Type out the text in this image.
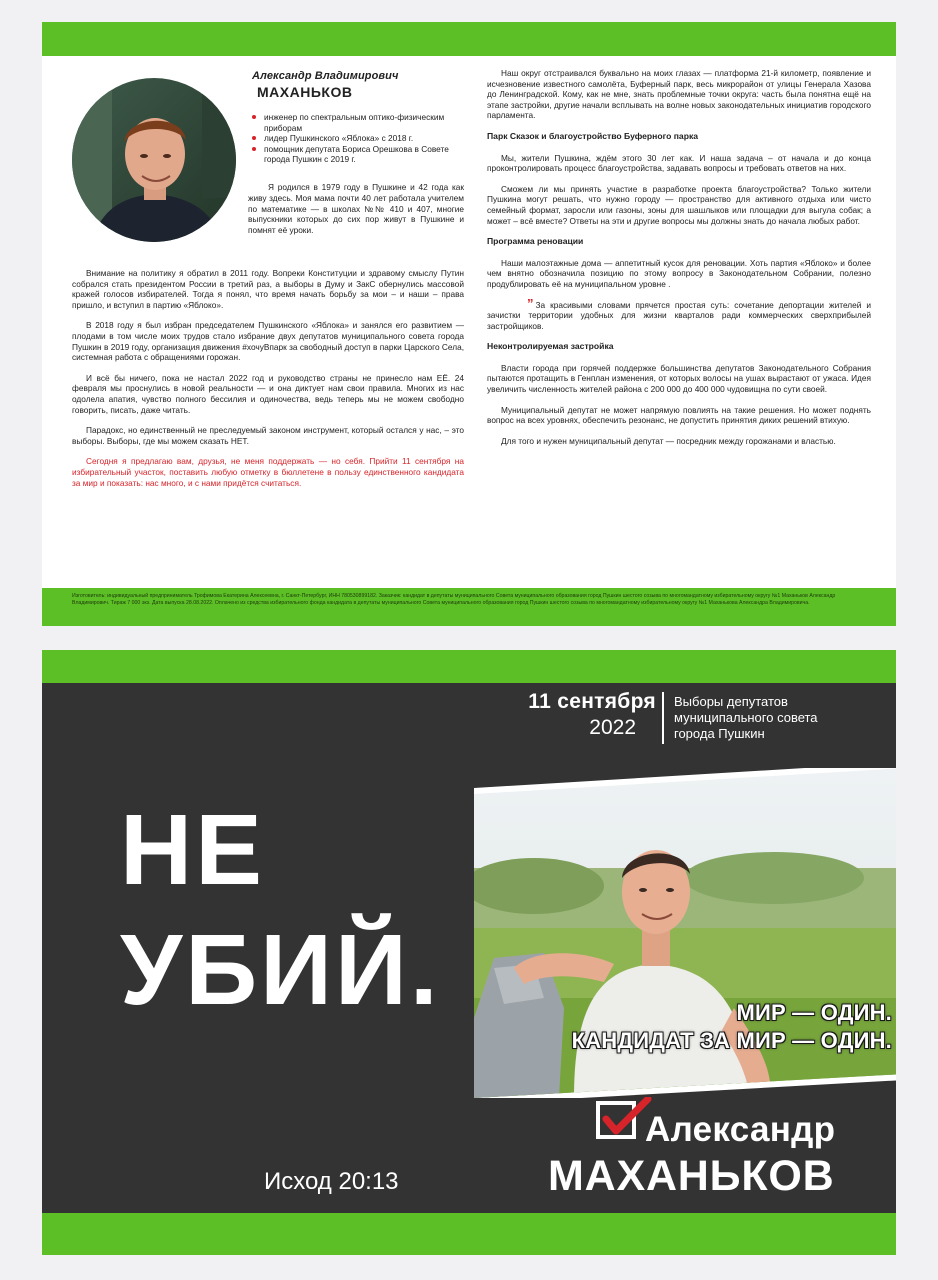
Александр Владимирович
МАХАНЬКОВ
инженер по спектральным оптико-физическим приборам
лидер Пушкинского «Яблока» с 2018 г.
помощник депутата Бориса Орешкова в Совете города Пушкин с 2019 г.

Я родился в 1979 году в Пушкине и 42 года как живу здесь. Моя мама почти 40 лет работала учителем по математике — в школах №№ 410 и 407, многие выпускники которых до сих пор живут в Пушкине и помнят её уроки.

Внимание на политику я обратил в 2011 году. Вопреки Конституции и здравому смыслу Путин собрался стать президентом России в третий раз, а выборы в Думу и ЗакС обернулись массовой кражей голосов избирателей. Тогда я понял, что время начать борьбу за мои – и наши – права пришло, и вступил в партию «Яблоко».

В 2018 году я был избран председателем Пушкинского «Яблока» и занялся его развитием — плодами в том числе моих трудов стало избрание двух депутатов муниципального совета города Пушкин в 2019 году, организация движения #хочуВпарк за свободный доступ в парки Царского Села, системная работа с обращениями горожан.

И всё бы ничего, пока не настал 2022 год и руководство страны не принесло нам ЕЁ. 24 февраля мы проснулись в новой реальности — и она диктует нам свои правила. Многих из нас одолела апатия, чувство полного бессилия и одиночества, ведь теперь мы не можем свободно говорить, писать, даже читать.

Парадокс, но единственный не преследуемый законом инструмент, который остался у нас, – это выборы. Выборы, где мы можем сказать НЕТ.

Сегодня я предлагаю вам, друзья, не меня поддержать — но себя. Прийти 11 сентября на избирательный участок, поставить любую отметку в бюллетене в пользу единственного кандидата за мир и показать: нас много, и с нами придётся считаться.

Наш округ отстраивался буквально на моих глазах — платформа 21-й километр, появление и исчезновение известного самолёта, Буферный парк, весь микрорайон от улицы Генерала Хазова до Ленинградской. Кому, как не мне, знать проблемные точки округа: часть была понятна ещё на этапе застройки, другие начали всплывать на волне новых законодательных инициатив городского парламента.

Парк Сказок и благоустройство Буферного парка

Мы, жители Пушкина, ждём этого 30 лет как. И наша задача – от начала и до конца проконтролировать процесс благоустройства, задавать вопросы и требовать ответов на них.

Сможем ли мы принять участие в разработке проекта благоустройства? Только жители Пушкина могут решать, что нужно городу — пространство для активного отдыха или чисто семейный формат, заросли или газоны, зоны для шашлыков или площадки для выгула собак; а может – всё вместе? Ответы на эти и другие вопросы мы должны знать до начала любых работ.

Программа реновации

Наши малоэтажные дома — аппетитный кусок для реновации. Хоть партия «Яблоко» и более чем внятно обозначила позицию по этому вопросу в Законодательном Собрании, полезно продублировать её на муниципальном уровне .

” За красивыми словами прячется простая суть: сочетание депортации жителей и зачистки территории удобных для жизни кварталов ради коммерческих сверхприбылей застройщиков.

Неконтролируемая застройка

Власти города при горячей поддержке большинства депутатов Законодательного Собрания пытаются протащить в Генплан изменения, от которых волосы на ушах вырастают от ужаса. Идея увеличить численность жителей района с 200 000 до 400 000 чудовищна по сути своей.

Муниципальный депутат не может напрямую повлиять на такие решения. Но может поднять вопрос на всех уровнях, обеспечить резонанс, не допустить принятия диких решений втихую.

Для того и нужен муниципальный депутат — посредник между горожанами и властью.

Изготовитель: индивидуальный предприниматель Трофимова Екатерина Алексеевна, г. Санкт-Петербург, ИНН 780530899182. Заказчик: кандидат в депутаты муниципального Совета муниципального образования город Пушкин шестого созыва по многомандатному избирательному округу №1 Маханьков Александр Владимирович. Тираж 7 000 экз. Дата выпуска 28.08.2022. Оплачено из средства избирательного фонда кандидата в депутаты муниципального Совета муниципального образования город Пушкин шестого созыва по многомандатному избирательному округу №1 Маханькова Александра Владимировича.
11 сентября
2022
Выборы депутатов
муниципального совета
города Пушкин
МИР — ОДИН.
КАНДИДАТ ЗА МИР — ОДИН.
НЕ
УБИЙ.
Исход 20:13
Александр
МАХАНЬКОВ
